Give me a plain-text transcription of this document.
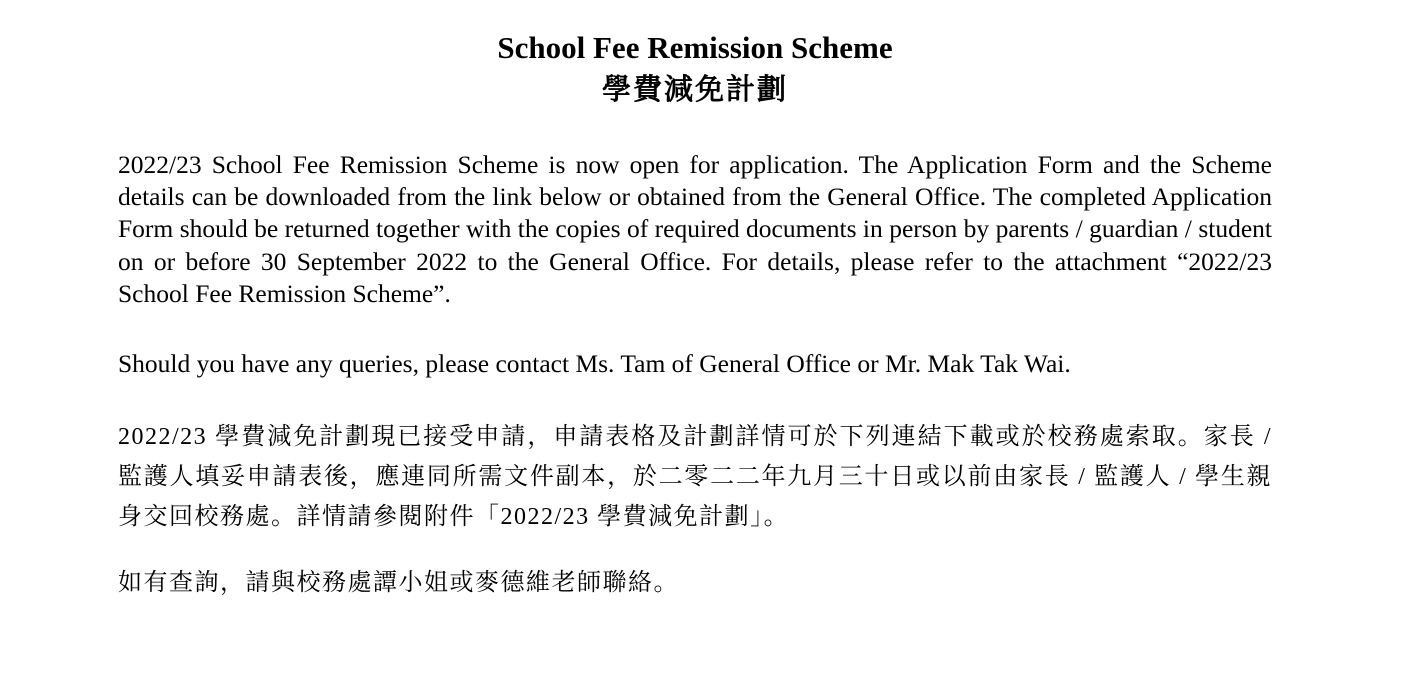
School Fee Remission Scheme
學費減免計劃

2022/23 School Fee Remission Scheme is now open for application. The Application Form and the Scheme details can be downloaded from the link below or obtained from the General Office. The completed Application Form should be returned together with the copies of required documents in person by parents / guardian / student on or before 30 September 2022 to the General Office. For details, please refer to the attachment “2022/23 School Fee Remission Scheme”.

Should you have any queries, please contact Ms. Tam of General Office or Mr. Mak Tak Wai.

2022/23 學費減免計劃現已接受申請，申請表格及計劃詳情可於下列連結下載或於校務處索取。家長 / 監護人填妥申請表後，應連同所需文件副本，於二零二二年九月三十日或以前由家長 / 監護人 / 學生親身交回校務處。詳情請參閱附件「2022/23 學費減免計劃」。

如有查詢，請與校務處譚小姐或麥德維老師聯絡。
